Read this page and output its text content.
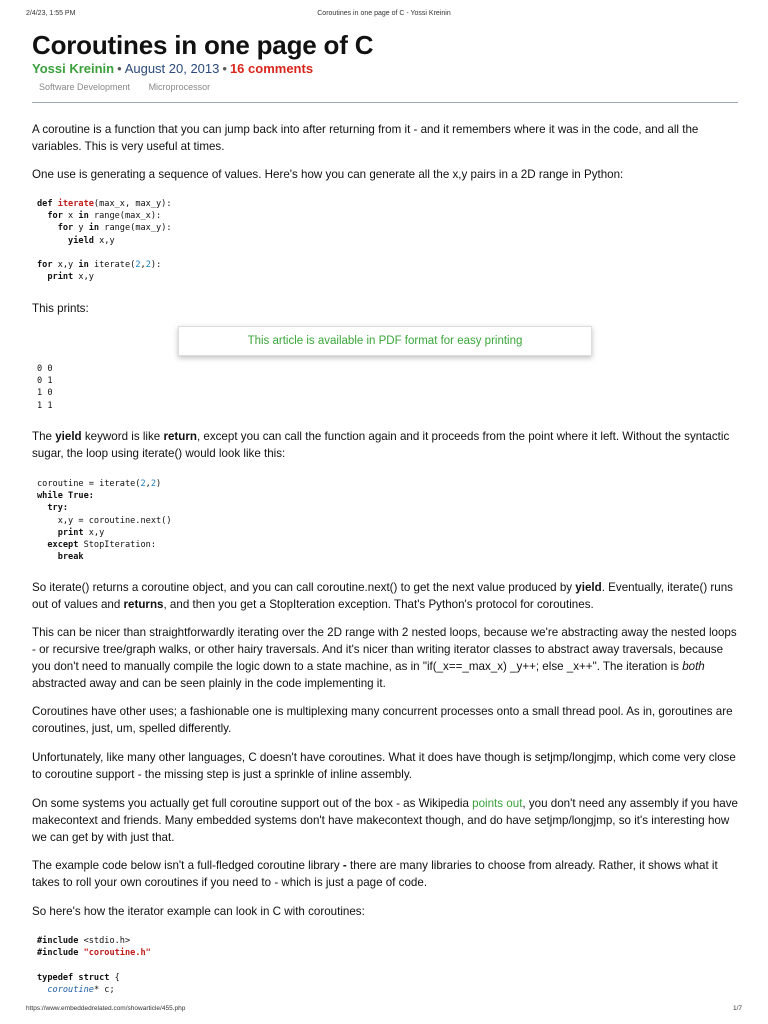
2/4/23, 1:55 PM	Coroutines in one page of C - Yossi Kreinin
Coroutines in one page of C
Yossi Kreinin • August 20, 2013 • 16 comments
Software Development Microprocessor

A coroutine is a function that you can jump back into after returning from it - and it remembers where it was in the code, and all the variables. This is very useful at times.

One use is generating a sequence of values. Here's how you can generate all the x,y pairs in a 2D range in Python:

def iterate(max_x, max_y):
for x in range(max_x):
for y in range(max_y):
yield x,y

for x,y in iterate(2,2):
print x,y

This prints:

This article is available in PDF format for easy printing
0 0
0 1
1 0
1 1

The yield keyword is like return, except you can call the function again and it proceeds from the point where it left. Without the syntactic sugar, the loop using iterate() would look like this:

coroutine = iterate(2,2)
while True:
try:
x,y = coroutine.next()
print x,y
except StopIteration:
break

So iterate() returns a coroutine object, and you can call coroutine.next() to get the next value produced by yield. Eventually, iterate() runs out of values and returns, and then you get a StopIteration exception. That's Python's protocol for coroutines.

This can be nicer than straightforwardly iterating over the 2D range with 2 nested loops, because we're abstracting away the nested loops - or recursive tree/graph walks, or other hairy traversals. And it's nicer than writing iterator classes to abstract away traversals, because you don't need to manually compile the logic down to a state machine, as in "if(_x==_max_x) _y++; else _x++". The iteration is both abstracted away and can be seen plainly in the code implementing it.

Coroutines have other uses; a fashionable one is multiplexing many concurrent processes onto a small thread pool. As in, goroutines are coroutines, just, um, spelled differently.

Unfortunately, like many other languages, C doesn't have coroutines. What it does have though is setjmp/longjmp, which come very close to coroutine support - the missing step is just a sprinkle of inline assembly.

On some systems you actually get full coroutine support out of the box - as Wikipedia points out, you don't need any assembly if you have makecontext and friends. Many embedded systems don't have makecontext though, and do have setjmp/longjmp, so it's interesting how we can get by with just that.

The example code below isn't a full-fledged coroutine library - there are many libraries to choose from already. Rather, it shows what it takes to roll your own coroutines if you need to - which is just a page of code.

So here's how the iterator example can look in C with coroutines:

#include <stdio.h>
#include "coroutine.h"

typedef struct {
coroutine* c;
https://www.embeddedrelated.com/showarticle/455.php	1/7
